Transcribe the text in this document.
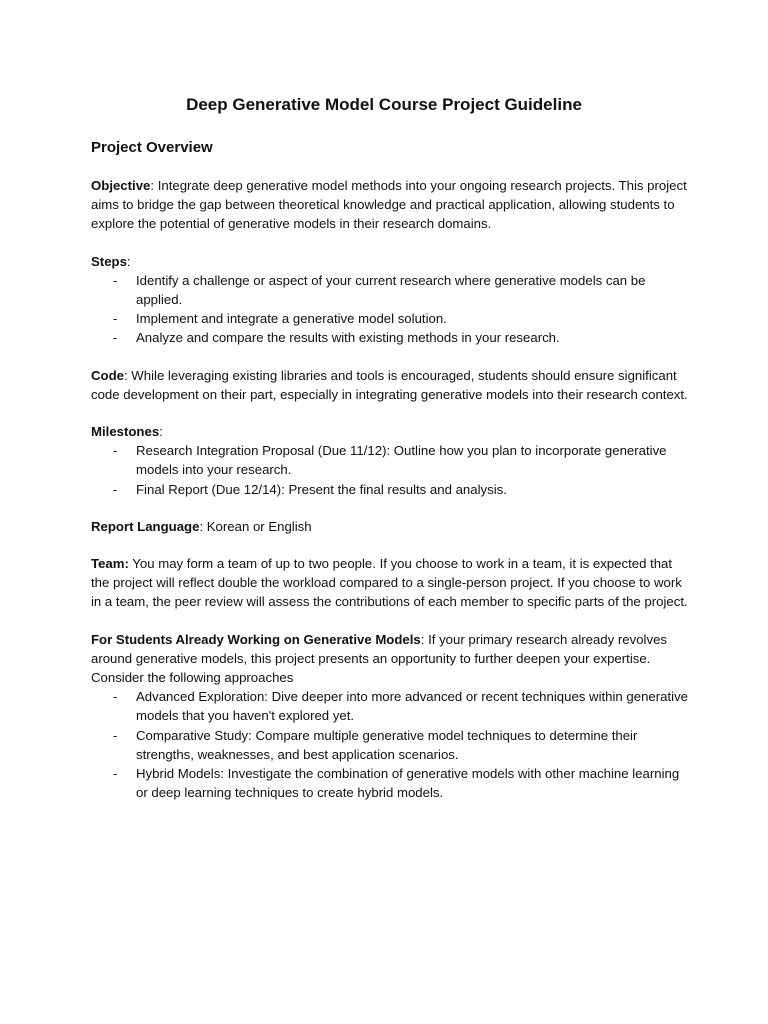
Deep Generative Model Course Project Guideline
Project Overview

Objective: Integrate deep generative model methods into your ongoing research projects. This project aims to bridge the gap between theoretical knowledge and practical application, allowing students to explore the potential of generative models in their research domains.

Steps:
- Identify a challenge or aspect of your current research where generative models can be applied.
- Implement and integrate a generative model solution.
- Analyze and compare the results with existing methods in your research.

Code: While leveraging existing libraries and tools is encouraged, students should ensure significant code development on their part, especially in integrating generative models into their research context.

Milestones:
- Research Integration Proposal (Due 11/12): Outline how you plan to incorporate generative models into your research.
- Final Report (Due 12/14): Present the final results and analysis.

Report Language: Korean or English

Team: You may form a team of up to two people. If you choose to work in a team, it is expected that the project will reflect double the workload compared to a single-person project. If you choose to work in a team, the peer review will assess the contributions of each member to specific parts of the project.

For Students Already Working on Generative Models: If your primary research already revolves around generative models, this project presents an opportunity to further deepen your expertise. Consider the following approaches
- Advanced Exploration: Dive deeper into more advanced or recent techniques within generative models that you haven't explored yet.
- Comparative Study: Compare multiple generative model techniques to determine their strengths, weaknesses, and best application scenarios.
- Hybrid Models: Investigate the combination of generative models with other machine learning or deep learning techniques to create hybrid models.
